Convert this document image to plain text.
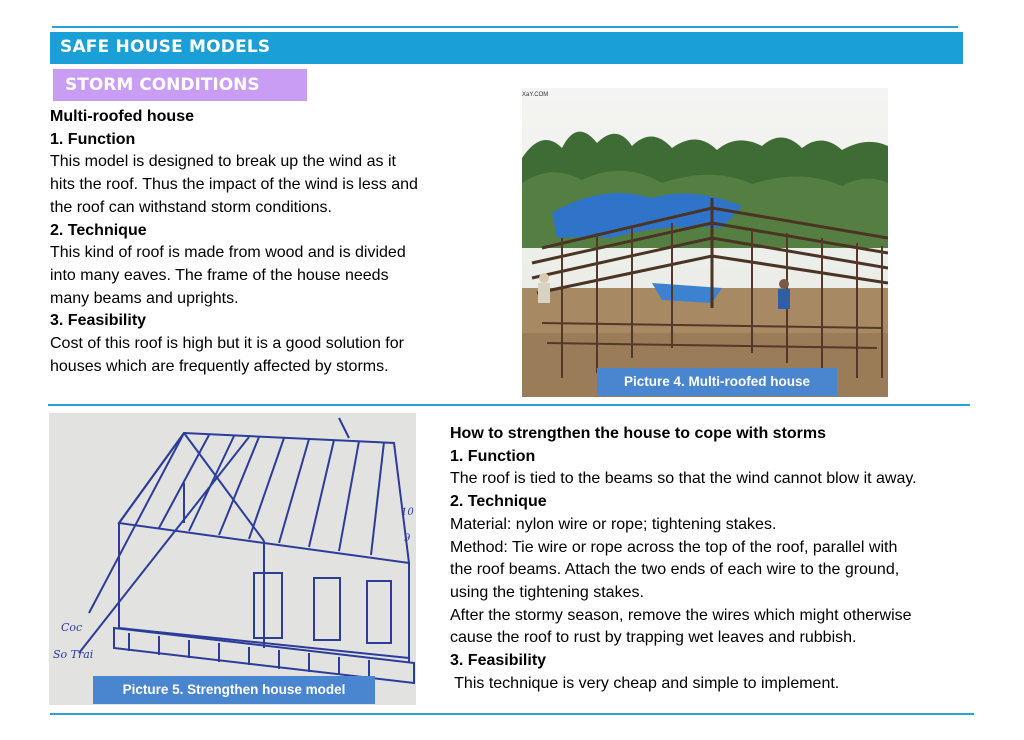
SAFE HOUSE MODELS
STORM CONDITIONS
Multi-roofed house
1. Function
This model is designed to break up the wind as it
hits the roof. Thus the impact of the wind is less and
the roof can withstand storm conditions.
2. Technique
This kind of roof is made from wood and is divided
into many eaves. The frame of the house needs
many beams and uprights.
3. Feasibility
Cost of this roof is high but it is a good solution for
houses which are frequently affected by storms.
XaY.COM
Picture 4. Multi-roofed house
Coc
So Trai
10
9
Picture 5. Strengthen house model
How to strengthen the house to cope with storms
1. Function
The roof is tied to the beams so that the wind cannot blow it away.
2. Technique
Material: nylon wire or rope; tightening stakes.
Method: Tie wire or rope across the top of the roof, parallel with
the roof beams. Attach the two ends of each wire to the ground,
using the tightening stakes.
After the stormy season, remove the wires which might otherwise
cause the roof to rust by trapping wet leaves and rubbish.
3. Feasibility
This technique is very cheap and simple to implement.
